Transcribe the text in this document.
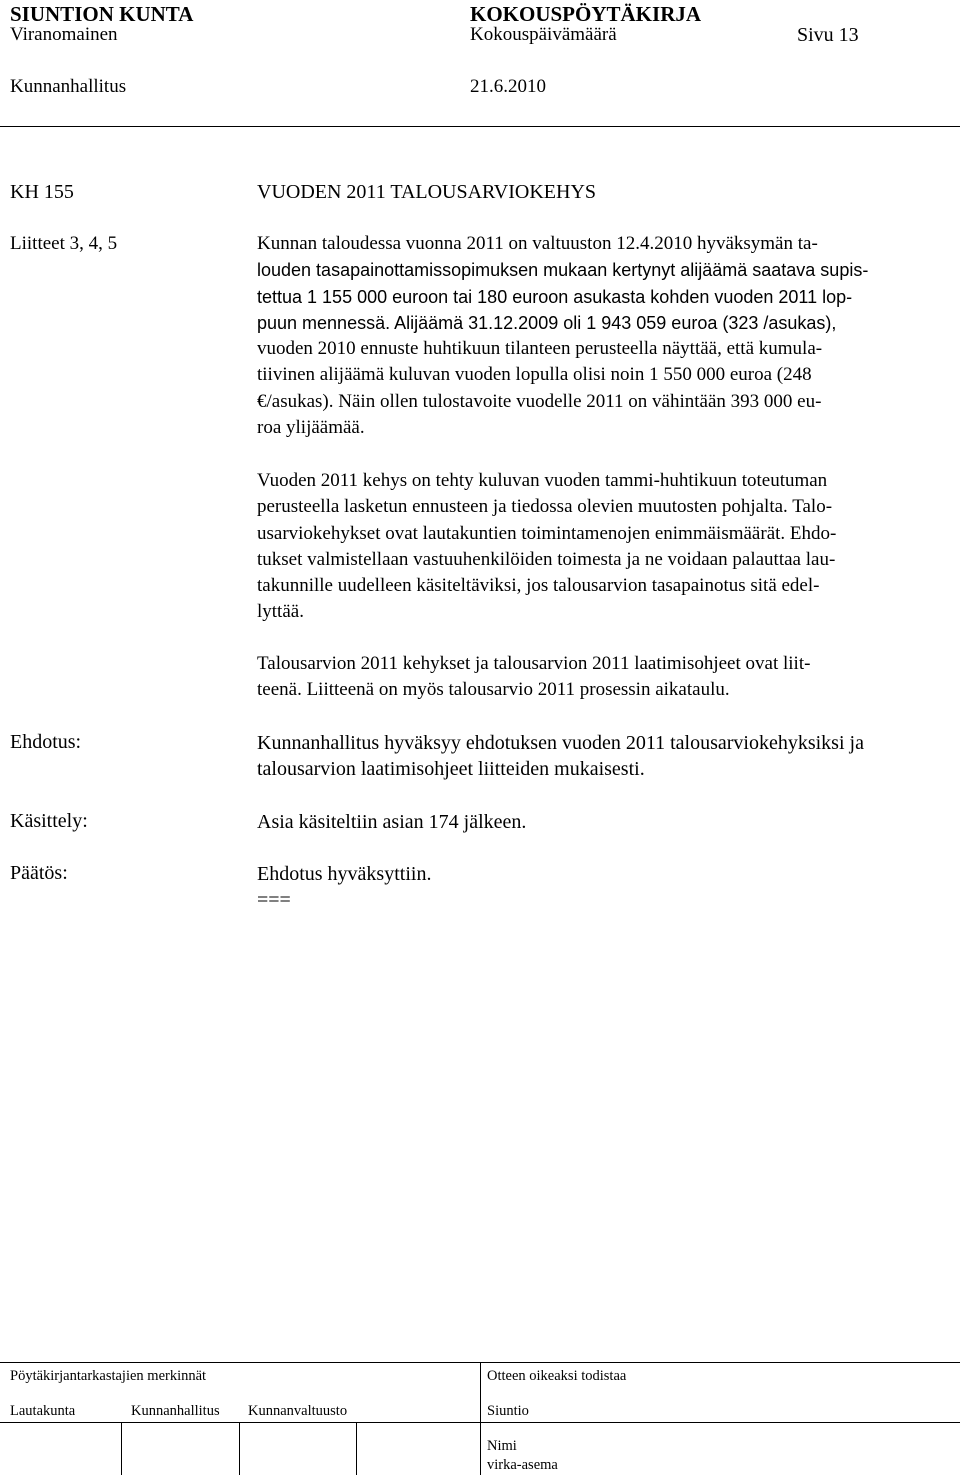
SIUNTION KUNTA	KOKOUSPÖYTÄKIRJA
Viranomainen	Kokouspäivämäärä	Sivu 13
Kunnanhallitus	21.6.2010
KH 155	VUODEN 2011 TALOUSARVIOKEHYS
Liitteet 3, 4, 5	Kunnan taloudessa vuonna 2011 on valtuuston 12.4.2010 hyväksymän ta-
louden tasapainottamissopimuksen mukaan kertynyt alijäämä saatava supis-
tettua 1 155 000 euroon tai 180 euroon asukasta kohden vuoden 2011 lop-
puun mennessä. Alijäämä 31.12.2009 oli 1 943 059 euroa (323 /asukas),
vuoden 2010 ennuste huhtikuun tilanteen perusteella näyttää, että kumula-
tiivinen alijäämä kuluvan vuoden lopulla olisi noin 1 550 000 euroa (248
€/asukas). Näin ollen tulostavoite vuodelle 2011 on vähintään 393 000 eu-
roa ylijäämää.
Vuoden 2011 kehys on tehty kuluvan vuoden tammi-huhtikuun toteutuman
perusteella lasketun ennusteen ja tiedossa olevien muutosten pohjalta. Talo-
usarviokehykset ovat lautakuntien toimintamenojen enimmäismäärät. Ehdo-
tukset valmistellaan vastuuhenkilöiden toimesta ja ne voidaan palauttaa lau-
takunnille uudelleen käsiteltäviksi, jos talousarvion tasapainotus sitä edel-
lyttää.
Talousarvion 2011 kehykset ja talousarvion 2011 laatimisohjeet ovat liit-
teenä. Liitteenä on myös talousarvio 2011 prosessin aikataulu.
Ehdotus:	Kunnanhallitus hyväksyy ehdotuksen vuoden 2011 talousarviokehyksiksi ja
talousarvion laatimisohjeet liitteiden mukaisesti.
Käsittely:	Asia käsiteltiin asian 174 jälkeen.
Päätös:	Ehdotus hyväksyttiin.
===
Pöytäkirjantarkastajien merkinnät	Otteen oikeaksi todistaa
Lautakunta	Kunnanhallitus Kunnanvaltuusto	Siuntio
Nimi
virka-asema
